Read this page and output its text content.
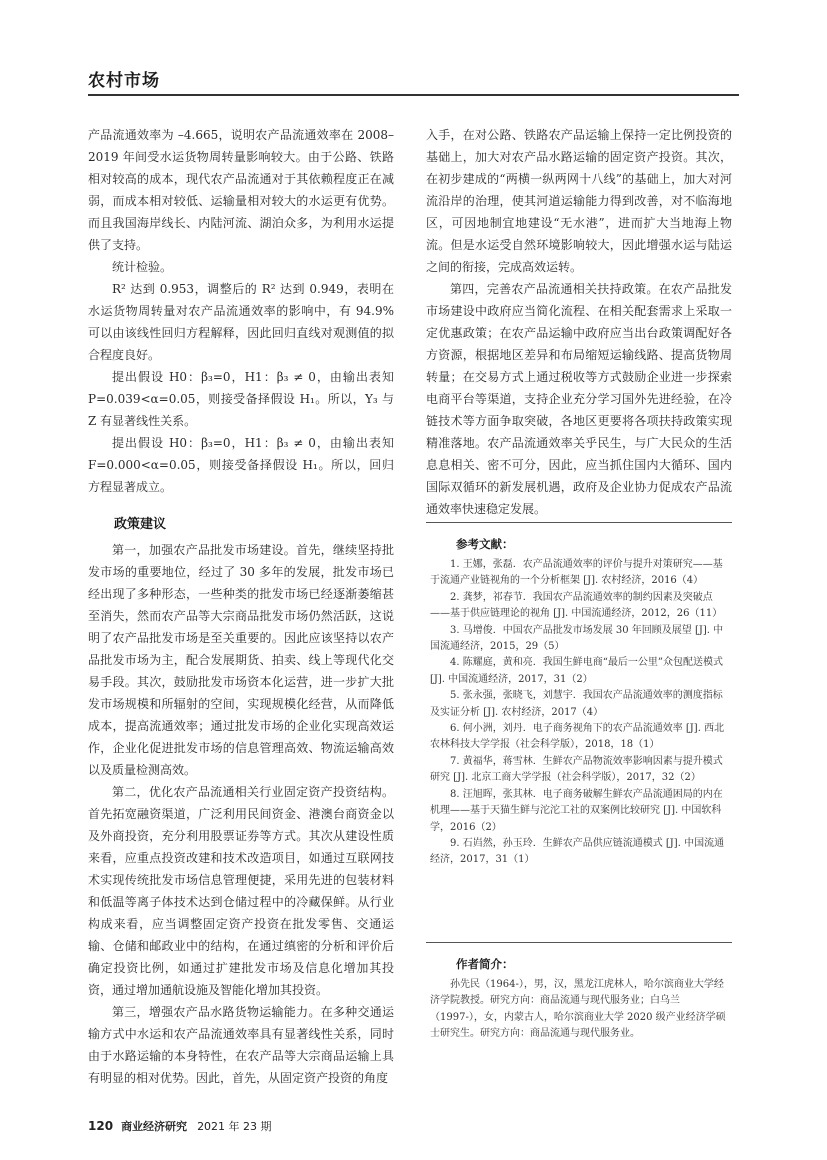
农村市场

产品流通效率为 –4.665，说明农产品流通效率在 2008–2019 年间受水运货物周转量影响较大。由于公路、铁路相对较高的成本，现代农产品流通对于其依赖程度正在减弱，而成本相对较低、运输量相对较大的水运更有优势。而且我国海岸线长、内陆河流、湖泊众多，为利用水运提供了支持。

统计检验。

R² 达到 0.953，调整后的 R² 达到 0.949，表明在水运货物周转量对农产品流通效率的影响中，有 94.9% 可以由该线性回归方程解释，因此回归直线对观测值的拟合程度良好。

提出假设 H0：β₃=0，H1：β₃ ≠ 0，由输出表知 P=0.039<α=0.05，则接受备择假设 H₁。所以，Y₃ 与 Z 有显著线性关系。

提出假设 H0：β₃=0，H1：β₃ ≠ 0，由输出表知 F=0.000<α=0.05，则接受备择假设 H₁。所以，回归方程显著成立。

政策建议

第一，加强农产品批发市场建设。首先，继续坚持批发市场的重要地位，经过了 30 多年的发展，批发市场已经出现了多种形态，一些种类的批发市场已经逐渐萎缩甚至消失，然而农产品等大宗商品批发市场仍然活跃，这说明了农产品批发市场是至关重要的。因此应该坚持以农产品批发市场为主，配合发展期货、拍卖、线上等现代化交易手段。其次，鼓励批发市场资本化运营，进一步扩大批发市场规模和所辐射的空间，实现规模化经营，从而降低成本，提高流通效率；通过批发市场的企业化实现高效运作，企业化促进批发市场的信息管理高效、物流运输高效以及质量检测高效。

第二，优化农产品流通相关行业固定资产投资结构。首先拓宽融资渠道，广泛利用民间资金、港澳台商资金以及外商投资，充分利用股票证券等方式。其次从建设性质来看，应重点投资改建和技术改造项目，如通过互联网技术实现传统批发市场信息管理便捷，采用先进的包装材料和低温等离子体技术达到仓储过程中的冷藏保鲜。从行业构成来看，应当调整固定资产投资在批发零售、交通运输、仓储和邮政业中的结构，在通过缜密的分析和评价后确定投资比例，如通过扩建批发市场及信息化增加其投资，通过增加通航设施及智能化增加其投资。

第三，增强农产品水路货物运输能力。在多种交通运输方式中水运和农产品流通效率具有显著线性关系，同时由于水路运输的本身特性，在农产品等大宗商品运输上具有明显的相对优势。因此，首先，从固定资产投资的角度

入手，在对公路、铁路农产品运输上保持一定比例投资的基础上，加大对农产品水路运输的固定资产投资。其次，在初步建成的“两横一纵两网十八线”的基础上，加大对河流沿岸的治理，使其河道运输能力得到改善，对不临海地区，可因地制宜地建设“无水港”，进而扩大当地海上物流。但是水运受自然环境影响较大，因此增强水运与陆运之间的衔接，完成高效运转。

第四，完善农产品流通相关扶持政策。在农产品批发市场建设中政府应当简化流程、在相关配套需求上采取一定优惠政策；在农产品运输中政府应当出台政策调配好各方资源，根据地区差异和布局缩短运输线路、提高货物周转量；在交易方式上通过税收等方式鼓励企业进一步探索电商平台等渠道，支持企业充分学习国外先进经验，在冷链技术等方面争取突破，各地区更要将各项扶持政策实现精准落地。农产品流通效率关乎民生，与广大民众的生活息息相关、密不可分，因此，应当抓住国内大循环、国内国际双循环的新发展机遇，政府及企业协力促成农产品流通效率快速稳定发展。

参考文献：

1. 王娜，张磊．农产品流通效率的评价与提升对策研究——基于流通产业链视角的一个分析框架 [J]. 农村经济，2016（4）

2. 龚梦，祁春节．我国农产品流通效率的制约因素及突破点——基于供应链理论的视角 [J]. 中国流通经济，2012，26（11）

3. 马增俊．中国农产品批发市场发展 30 年回顾及展望 [J]. 中国流通经济，2015，29（5）

4. 陈耀庭，黄和亮．我国生鲜电商“最后一公里”众包配送模式 [J]. 中国流通经济，2017，31（2）

5. 张永强，张晓飞，刘慧宇．我国农产品流通效率的测度指标及实证分析 [J]. 农村经济，2017（4）

6. 何小洲，刘丹．电子商务视角下的农产品流通效率 [J]. 西北农林科技大学学报（社会科学版），2018，18（1）

7. 黄福华，蒋雪林．生鲜农产品物流效率影响因素与提升模式研究 [J]. 北京工商大学学报（社会科学版），2017，32（2）

8. 汪旭晖，张其林．电子商务破解生鲜农产品流通困局的内在机理——基于天猫生鲜与沱沱工社的双案例比较研究 [J]. 中国软科学，2016（2）

9. 石岿然，孙玉玲．生鲜农产品供应链流通模式 [J]. 中国流通经济，2017，31（1）

作者简介：

孙先民（1964-），男，汉，黑龙江虎林人，哈尔滨商业大学经济学院教授。研究方向：商品流通与现代服务业；白乌兰（1997-），女，内蒙古人，哈尔滨商业大学 2020 级产业经济学硕士研究生。研究方向：商品流通与现代服务业。

120 商业经济研究 2021 年 23 期
